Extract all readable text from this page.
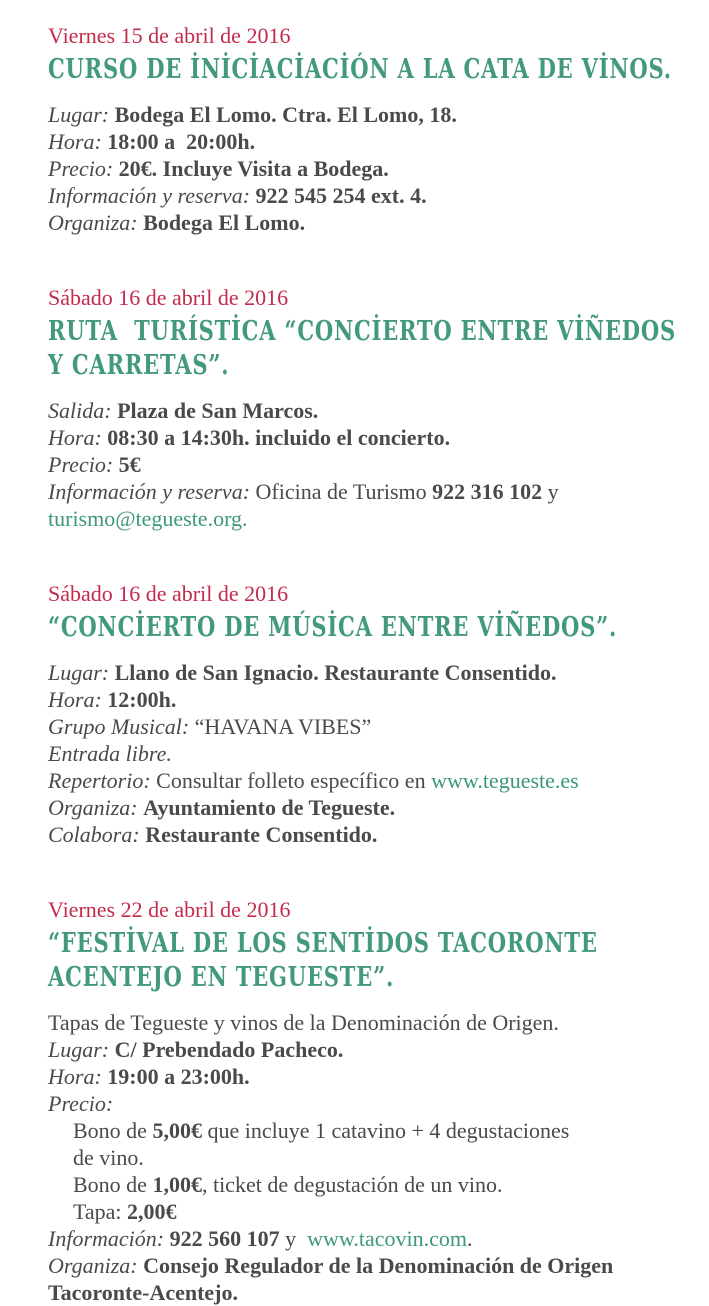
Viernes 15 de abril de 2016
CURSO DE İNİCİACİACİÓN A LA CATA DE VİNOS.
Lugar: Bodega El Lomo. Ctra. El Lomo, 18.
Hora: 18:00 a  20:00h.
Precio: 20€. Incluye Visita a Bodega.
Información y reserva: 922 545 254 ext. 4.
Organiza: Bodega El Lomo.
Sábado 16 de abril de 2016
RUTA  TURÍSTİCA “CONCİERTO ENTRE VİÑEDOS
Y CARRETAS”.
Salida: Plaza de San Marcos.
Hora: 08:30 a 14:30h. incluido el concierto.
Precio: 5€
Información y reserva: Oficina de Turismo 922 316 102 y
turismo@tegueste.org.
Sábado 16 de abril de 2016
“CONCİERTO DE MÚSİCA ENTRE VİÑEDOS”.
Lugar: Llano de San Ignacio. Restaurante Consentido.
Hora: 12:00h.
Grupo Musical: “HAVANA VIBES”
Entrada libre.
Repertorio: Consultar folleto específico en www.tegueste.es
Organiza: Ayuntamiento de Tegueste.
Colabora: Restaurante Consentido.
Viernes 22 de abril de 2016
“FESTİVAL DE LOS SENTİDOS TACORONTE
ACENTEJO EN TEGUESTE”.
Tapas de Tegueste y vinos de la Denominación de Origen.
Lugar: C/ Prebendado Pacheco.
Hora: 19:00 a 23:00h.
Precio:
Bono de 5,00€ que incluye 1 catavino + 4 degustaciones
de vino.
Bono de 1,00€, ticket de degustación de un vino.
Tapa: 2,00€
Información: 922 560 107 y  www.tacovin.com.
Organiza: Consejo Regulador de la Denominación de Origen Tacoronte-Acentejo.
